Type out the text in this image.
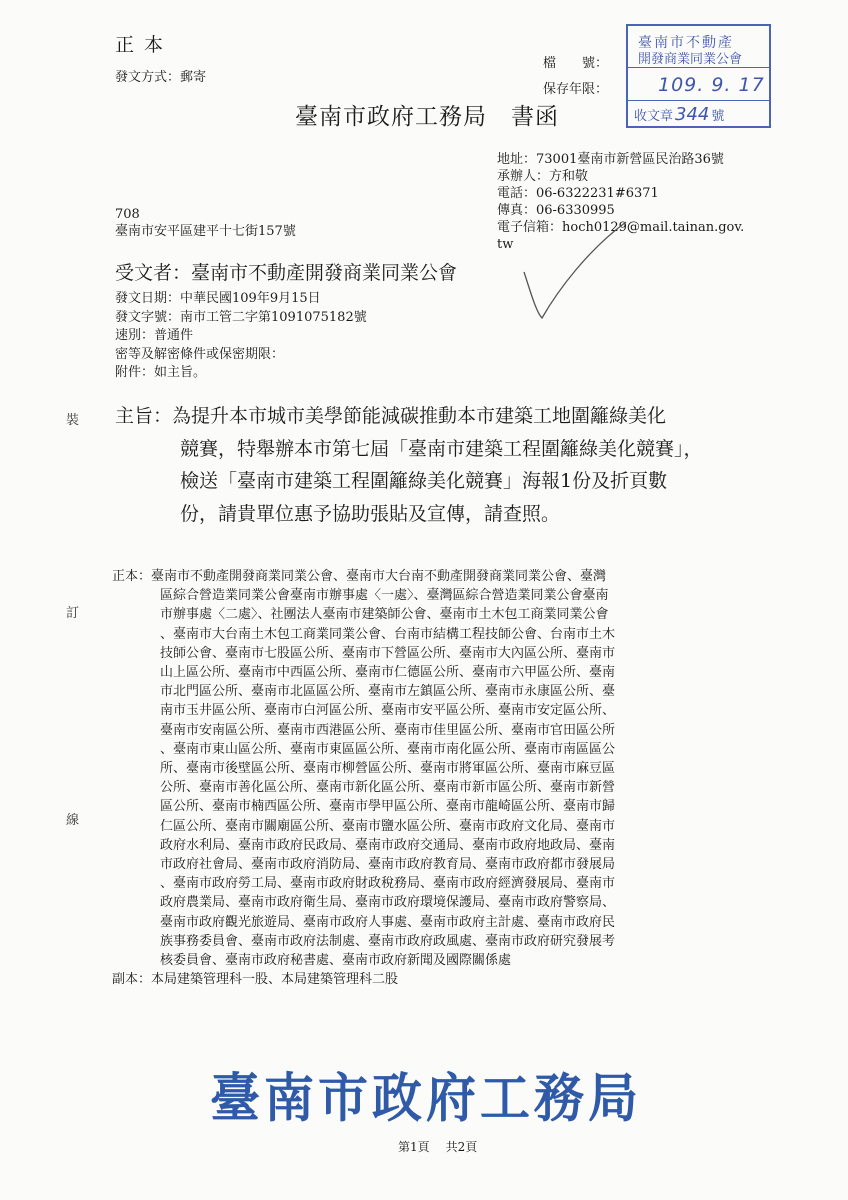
正本
發文方式：郵寄
檔　　號：
保存年限：
臺南市政府工務局 書函
臺南市不動產
開發商業同業公會
109. 9. 17
收文章 344 號
地址：73001臺南市新營區民治路36號
承辦人：方和敬
電話：06-6322231#6371
傳真：06-6330995
電子信箱：hoch0129@mail.tainan.gov.
tw
708
臺南市安平區建平十七街157號
受文者：臺南市不動產開發商業同業公會
發文日期：中華民國109年9月15日
發文字號：南市工管二字第1091075182號
速別：普通件
密等及解密條件或保密期限：
附件：如主旨。
裝
訂
線
主旨：為提升本市城市美學節能減碳推動本市建築工地圍籬綠美化
競賽，特舉辦本市第七屆「臺南市建築工程圍籬綠美化競賽」，
檢送「臺南市建築工程圍籬綠美化競賽」海報1份及折頁數
份，請貴單位惠予協助張貼及宣傳，請查照。
正本：臺南市不動產開發商業同業公會、臺南市大台南不動產開發商業同業公會、臺灣
區綜合營造業同業公會臺南市辦事處〈一處〉、臺灣區綜合營造業同業公會臺南
市辦事處〈二處〉、社團法人臺南市建築師公會、臺南市土木包工商業同業公會
、臺南市大台南土木包工商業同業公會、台南市結構工程技師公會、台南市土木
技師公會、臺南市七股區公所、臺南市下營區公所、臺南市大內區公所、臺南市
山上區公所、臺南市中西區公所、臺南市仁德區公所、臺南市六甲區公所、臺南
市北門區公所、臺南市北區區公所、臺南市左鎮區公所、臺南市永康區公所、臺
南市玉井區公所、臺南市白河區公所、臺南市安平區公所、臺南市安定區公所、
臺南市安南區公所、臺南市西港區公所、臺南市佳里區公所、臺南市官田區公所
、臺南市東山區公所、臺南市東區區公所、臺南市南化區公所、臺南市南區區公
所、臺南市後壁區公所、臺南市柳營區公所、臺南市將軍區公所、臺南市麻豆區
公所、臺南市善化區公所、臺南市新化區公所、臺南市新市區公所、臺南市新營
區公所、臺南市楠西區公所、臺南市學甲區公所、臺南市龍崎區公所、臺南市歸
仁區公所、臺南市關廟區公所、臺南市鹽水區公所、臺南市政府文化局、臺南市
政府水利局、臺南市政府民政局、臺南市政府交通局、臺南市政府地政局、臺南
市政府社會局、臺南市政府消防局、臺南市政府教育局、臺南市政府都市發展局
、臺南市政府勞工局、臺南市政府財政稅務局、臺南市政府經濟發展局、臺南市
政府農業局、臺南市政府衛生局、臺南市政府環境保護局、臺南市政府警察局、
臺南市政府觀光旅遊局、臺南市政府人事處、臺南市政府主計處、臺南市政府民
族事務委員會、臺南市政府法制處、臺南市政府政風處、臺南市政府研究發展考
核委員會、臺南市政府秘書處、臺南市政府新聞及國際關係處
副本：本局建築管理科一股、本局建築管理科二股
臺南市政府工務局
第1頁 共2頁
